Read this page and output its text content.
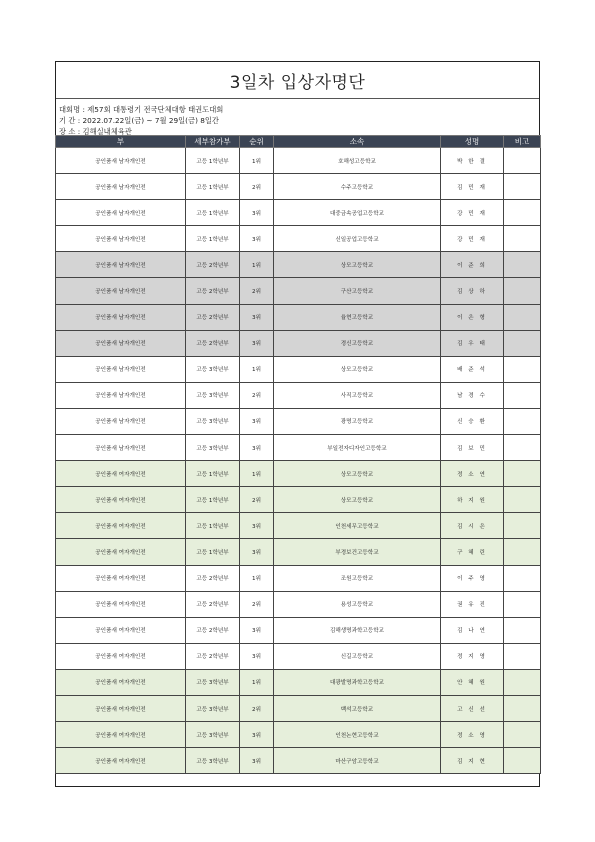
3일차 입상자명단
대회명 : 제57회 대통령기 전국단체대항 태권도대회
기 간 : 2022.07.22일(금) ~ 7월 29일(금) 8일간
장 소 : 김해실내체육관
부	세부참가부	순위	소속	성명	비고
공인품새 남자개인전	고등 1학년부	1위	호해성고등학교	박 한 결	
공인품새 남자개인전	고등 1학년부	2위	수주고등학교	김 민 재	
공인품새 남자개인전	고등 1학년부	3위	대중금속공업고등학교	강 민 재	
공인품새 남자개인전	고등 1학년부	3위	신일공업고등학교	강 민 재	
공인품새 남자개인전	고등 2학년부	1위	상모고등학교	이 준 희	
공인품새 남자개인전	고등 2학년부	2위	구산고등학교	김 상 하	
공인품새 남자개인전	고등 2학년부	3위	율현고등학교	이 은 형	
공인품새 남자개인전	고등 2학년부	3위	경신고등학교	김 우 태	
공인품새 남자개인전	고등 3학년부	1위	상모고등학교	배 준 석	
공인품새 남자개인전	고등 3학년부	2위	사직고등학교	남 경 수	
공인품새 남자개인전	고등 3학년부	3위	광명고등학교	신 승 환	
공인품새 남자개인전	고등 3학년부	3위	부일전자디자인고등학교	김 보 민	
공인품새 여자개인전	고등 1학년부	1위	상모고등학교	정 소 연	
공인품새 여자개인전	고등 1학년부	2위	상모고등학교	하 지 원	
공인품새 여자개인전	고등 1학년부	3위	인천세무고등학교	김 시 은	
공인품새 여자개인전	고등 1학년부	3위	부경보건고등학교	구 혜 린	
공인품새 여자개인전	고등 2학년부	1위	조원고등학교	이 주 영	
공인품새 여자개인전	고등 2학년부	2위	용성고등학교	권 유 진	
공인품새 여자개인전	고등 2학년부	3위	김해생명과학고등학교	김 나 연	
공인품새 여자개인전	고등 2학년부	3위	신길고등학교	정 지 영	
공인품새 여자개인전	고등 3학년부	1위	대광발명과학고등학교	안 혜 원	
공인품새 여자개인전	고등 3학년부	2위	백석고등학교	고 신 선	
공인품새 여자개인전	고등 3학년부	3위	인천논현고등학교	정 소 영	
공인품새 여자개인전	고등 3학년부	3위	마산구암고등학교	김 지 현	
